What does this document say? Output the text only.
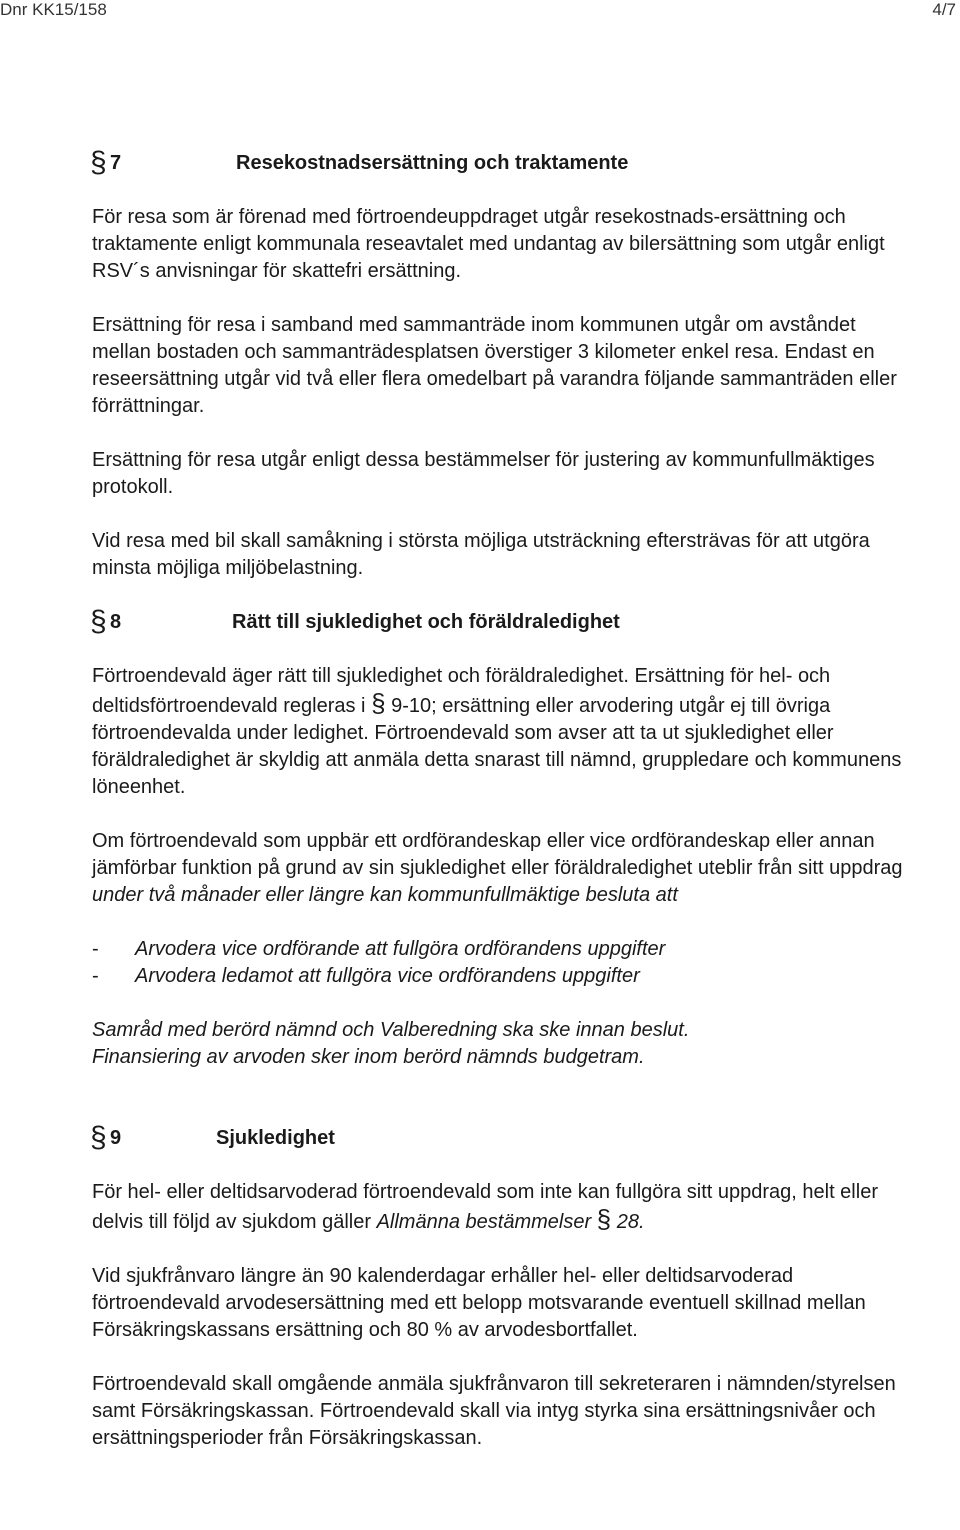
Dnr KK15/158	4/7
§ 7	Resekostnadsersättning och traktamente

För resa som är förenad med förtroendeuppdraget utgår resekostnads-ersättning och traktamente enligt kommunala reseavtalet med undantag av bilersättning som utgår enligt RSV´s anvisningar för skattefri ersättning.

Ersättning för resa i samband med sammanträde inom kommunen utgår om avståndet mellan bostaden och sammanträdesplatsen överstiger 3 kilometer enkel resa. Endast en reseersättning utgår vid två eller flera omedelbart på varandra följande sammanträden eller förrättningar.

Ersättning för resa utgår enligt dessa bestämmelser för justering av kommunfullmäktiges protokoll.

Vid resa med bil skall samåkning i största möjliga utsträckning eftersträvas för att utgöra minsta möjliga miljöbelastning.

§ 8	Rätt till sjukledighet och föräldraledighet

Förtroendevald äger rätt till sjukledighet och föräldraledighet. Ersättning för hel- och deltidsförtroendevald regleras i § 9-10; ersättning eller arvodering utgår ej till övriga förtroendevalda under ledighet. Förtroendevald som avser att ta ut sjukledighet eller föräldraledighet är skyldig att anmäla detta snarast till nämnd, gruppledare och kommunens löneenhet.

Om förtroendevald som uppbär ett ordförandeskap eller vice ordförandeskap eller annan jämförbar funktion på grund av sin sjukledighet eller föräldraledighet uteblir från sitt uppdrag under två månader eller längre kan kommunfullmäktige besluta att

-	Arvodera vice ordförande att fullgöra ordförandens uppgifter
-	Arvodera ledamot att fullgöra vice ordförandens uppgifter
Samråd med berörd nämnd och Valberedning ska ske innan beslut.
Finansiering av arvoden sker inom berörd nämnds budgetram.
§ 9	Sjukledighet

För hel- eller deltidsarvoderad förtroendevald som inte kan fullgöra sitt uppdrag, helt eller delvis till följd av sjukdom gäller Allmänna bestämmelser § 28.

Vid sjukfrånvaro längre än 90 kalenderdagar erhåller hel- eller deltidsarvoderad förtroendevald arvodesersättning med ett belopp motsvarande eventuell skillnad mellan Försäkringskassans ersättning och 80 % av arvodesbortfallet.

Förtroendevald skall omgående anmäla sjukfrånvaron till sekreteraren i nämnden/styrelsen samt Försäkringskassan. Förtroendevald skall via intyg styrka sina ersättningsnivåer och ersättningsperioder från Försäkringskassan.
